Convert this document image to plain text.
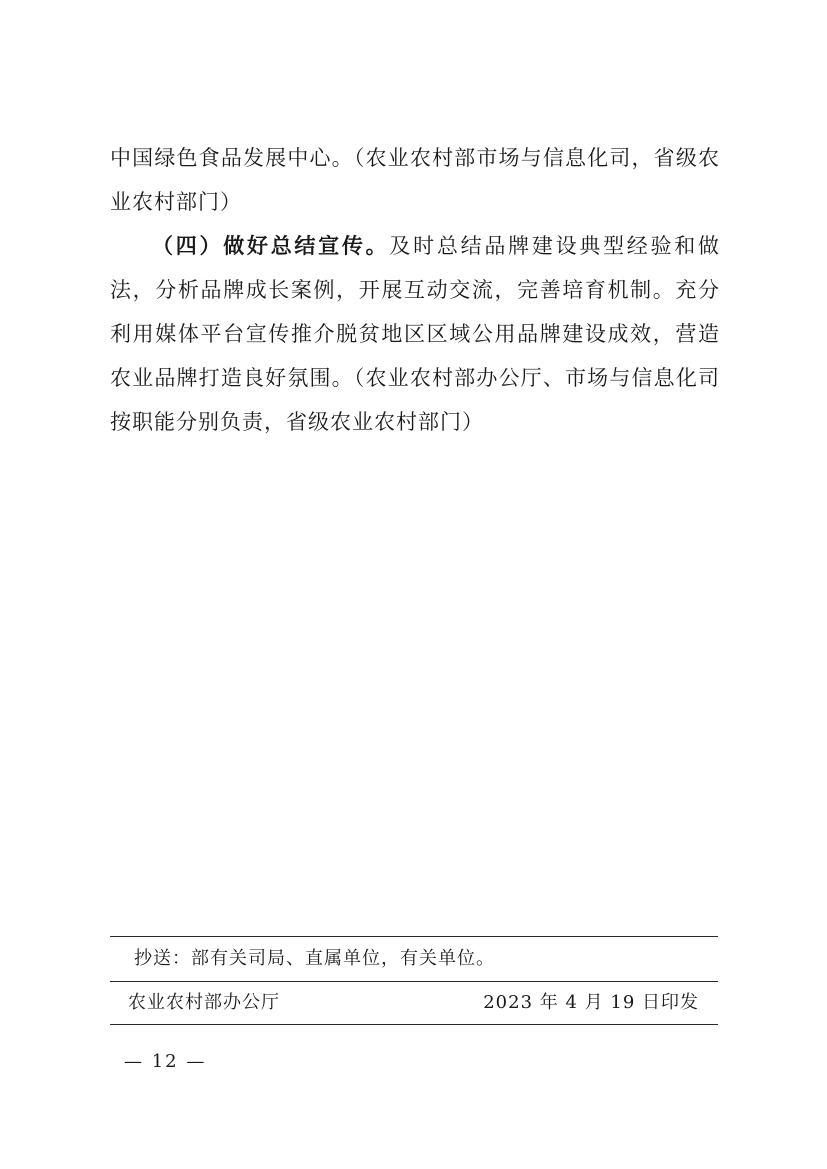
中国绿色食品发展中心。（农业农村部市场与信息化司，省级农业农村部门）

（四）做好总结宣传。及时总结品牌建设典型经验和做法，分析品牌成长案例，开展互动交流，完善培育机制。充分利用媒体平台宣传推介脱贫地区区域公用品牌建设成效，营造农业品牌打造良好氛围。（农业农村部办公厅、市场与信息化司按职能分别负责，省级农业农村部门）

抄送：部有关司局、直属单位，有关单位。
农业农村部办公厅	2023 年 4 月 19 日印发
— 12 —
